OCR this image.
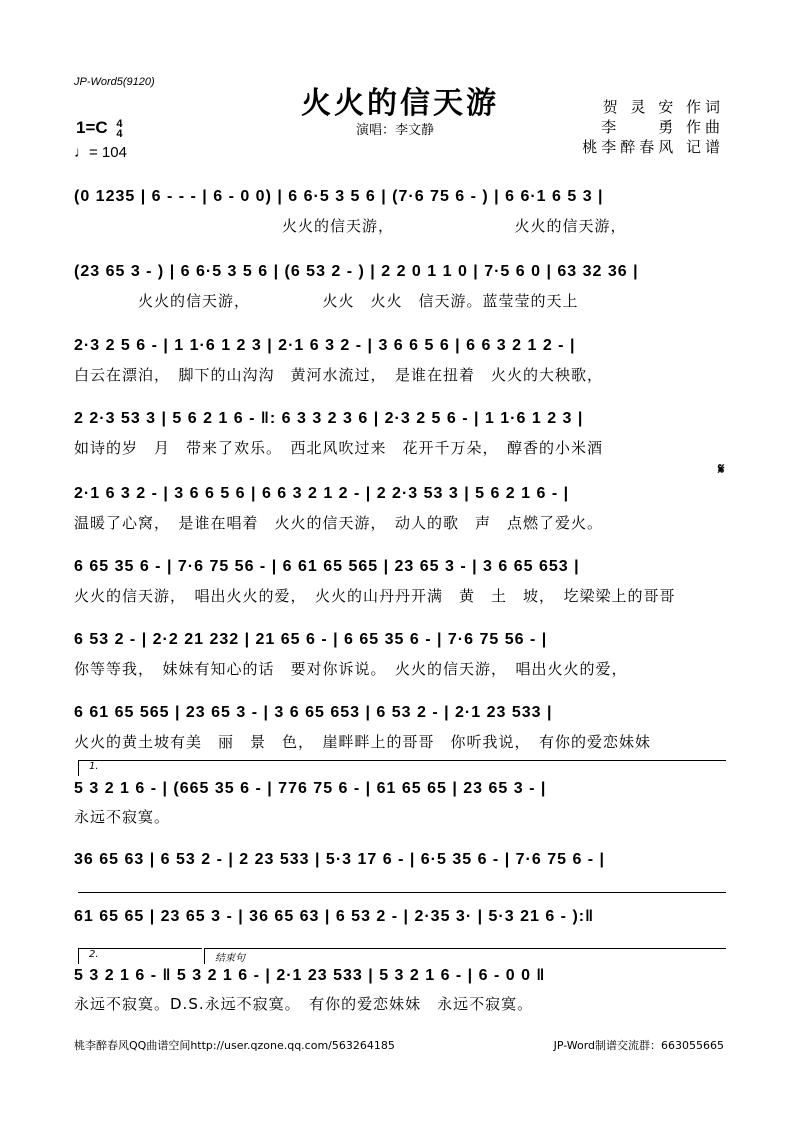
JP-Word5(9120)
火火的信天游
演唱：李文静
1=C 4
4
♩= 104
贺 灵 安 作词
李　　勇 作曲
桃李醉春风 记谱
(0 1235 | 6 - - - | 6 - 0 0) | 6 6·5 3 5 6 | (7·6 75 6 - ) | 6 6·1 6 5 3 |
　　　　　　　　　　　　　火火的信天游，　　　　　　　　火火的信天游，
(23 65 3 - ) | 6 6·5 3 5 6 | (6 53 2 - ) | 2 2 0 1 1 0 | 7·5 6 0 | 63 32 36 |
　　　　火火的信天游，　　　　　火火　火火　信天游。蓝莹莹的天上
2·3 2 5 6 - | 1 1·6 1 2 3 | 2·1 6 3 2 - | 3 6 6 5 6 | 6 6 3 2 1 2 - |
白云在漂泊，　脚下的山沟沟　黄河水流过，　是谁在扭着　火火的大秧歌，
2 2·3 53 3 | 5 6 2 1 6 - ‖: 6 3 3 2 3 6 | 2·3 2 5 6 - | 1 1·6 1 2 3 |
如诗的岁　月　带来了欢乐。　西北风吹过来　花开千万朵，　醇香的小米酒
𝄋
2·1 6 3 2 - | 3 6 6 5 6 | 6 6 3 2 1 2 - | 2 2·3 53 3 | 5 6 2 1 6 - |
温暖了心窝，　是谁在唱着　火火的信天游，　动人的歌　声　点燃了爱火。
6 65 35 6 - | 7·6 75 56 - | 6 61 65 565 | 23 65 3 - | 3 6 65 653 |
火火的信天游，　唱出火火的爱，　火火的山丹丹开满　黄　土　坡，　圪梁梁上的哥哥
6 53 2 - | 2·2 21 232 | 21 65 6 - | 6 65 35 6 - | 7·6 75 56 - |
你等等我，　妹妹有知心的话　要对你诉说。　火火的信天游，　唱出火火的爱，
6 61 65 565 | 23 65 3 - | 3 6 65 653 | 6 53 2 - | 2·1 23 533 |
火火的黄土坡有美　丽　景　色，　崖畔畔上的哥哥　你听我说，　有你的爱恋妹妹
1.
5 3 2 1 6 - | (665 35 6 - | 776 75 6 - | 61 65 65 | 23 65 3 - |
永远不寂寞。
36 65 63 | 6 53 2 - | 2 23 533 | 5·3 17 6 - | 6·5 35 6 - | 7·6 75 6 - |
61 65 65 | 23 65 3 - | 36 65 63 | 6 53 2 - | 2·35 3· | 5·3 21 6 - ):‖
2.	结束句
5 3 2 1 6 - ‖ 5 3 2 1 6 - | 2·1 23 533 | 5 3 2 1 6 - | 6 - 0 0 ‖
永远不寂寞。D.S.永远不寂寞。　有你的爱恋妹妹　永远不寂寞。
桃李醉春风QQ曲谱空间http://user.qzone.qq.com/563264185	JP-Word制谱交流群：663055665
